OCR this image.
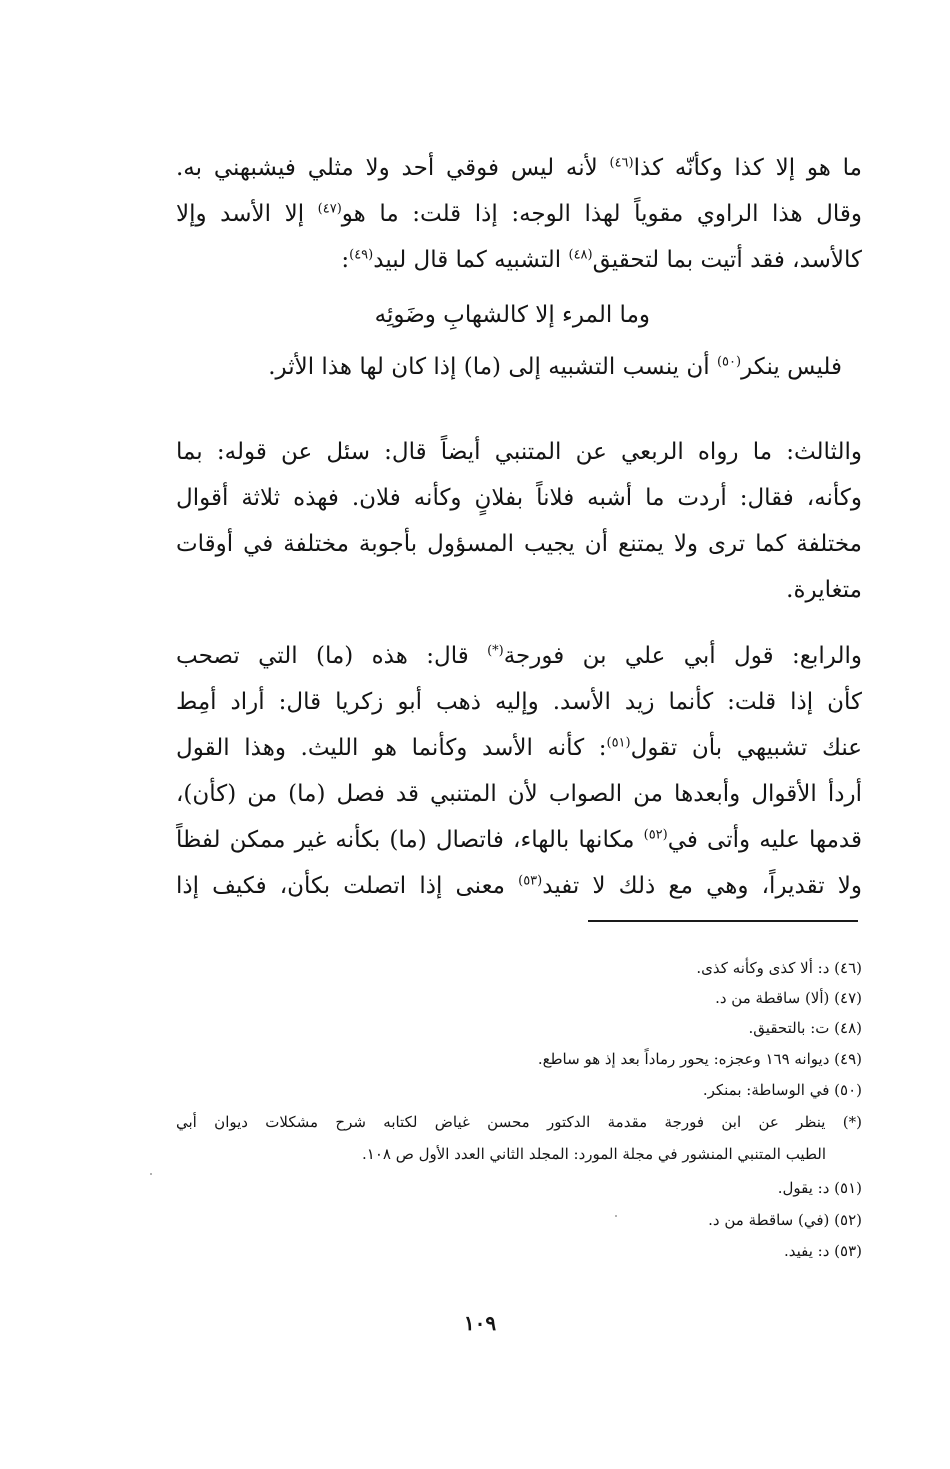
ما هو إلا كذا وكأنّه كذا$^{(٤٦)}$ لأنه ليس فوقي أحد ولا مثلي فيشبهني به.
وقال هذا الراوي مقوياً لهذا الوجه: إذا قلت: ما هو$^{(٤٧)}$ إلا الأسد وإلا
كالأسد، فقد أتيت بما لتحقيق$^{(٤٨)}$ التشبيه كما قال لبيد$^{(٤٩)}$:
وما المرء إلا كالشهابِ وضَوئِه
فليس ينكر$^{(٥٠)}$ أن ينسب التشبيه إلى (ما) إذا كان لها هذا الأثر.
والثالث: ما رواه الربعي عن المتنبي أيضاً قال: سئل عن قوله: بما
وكأنه، فقال: أردت ما أشبه فلاناً بفلانٍ وكأنه فلان. فهذه ثلاثة أقوال
مختلفة كما ترى ولا يمتنع أن يجيب المسؤول بأجوبة مختلفة في أوقات
متغايرة.
والرابع: قول أبي علي بن فورجة(*) قال: هذه (ما) التي تصحب
كأن إذا قلت: كأنما زيد الأسد. وإليه ذهب أبو زكريا قال: أراد أمِط
عنك تشبيهي بأن تقول$^{(٥١)}$: كأنه الأسد وكأنما هو الليث. وهذا القول
أردأ الأقوال وأبعدها من الصواب لأن المتنبي قد فصل (ما) من (كأن)،
قدمها عليه وأتى في$^{(٥٢)}$ مكانها بالهاء، فاتصال (ما) بكأنه غير ممكن لفظاً
ولا تقديراً، وهي مع ذلك لا تفيد$^{(٥٣)}$ معنى إذا اتصلت بكأن، فكيف إذا
(٤٦) د: ألا كذى وكأنه كذى.
(٤٧) (ألا) ساقطة من د.
(٤٨) ت: بالتحقيق.
(٤٩) ديوانه ١٦٩ وعجزه: يحور رماداً بعد إذ هو ساطع.
(٥٠) في الوساطة: بمنكر.
(*) ينظر عن ابن فورجة مقدمة الدكتور محسن غياض لكتابه شرح مشكلات ديوان أبي
الطيب المتنبي المنشور في مجلة المورد: المجلد الثاني العدد الأول ص ١٠٨.
(٥١) د: يقول.
(٥٢) (في) ساقطة من د.
(٥٣) د: يفيد.
١٠٩
